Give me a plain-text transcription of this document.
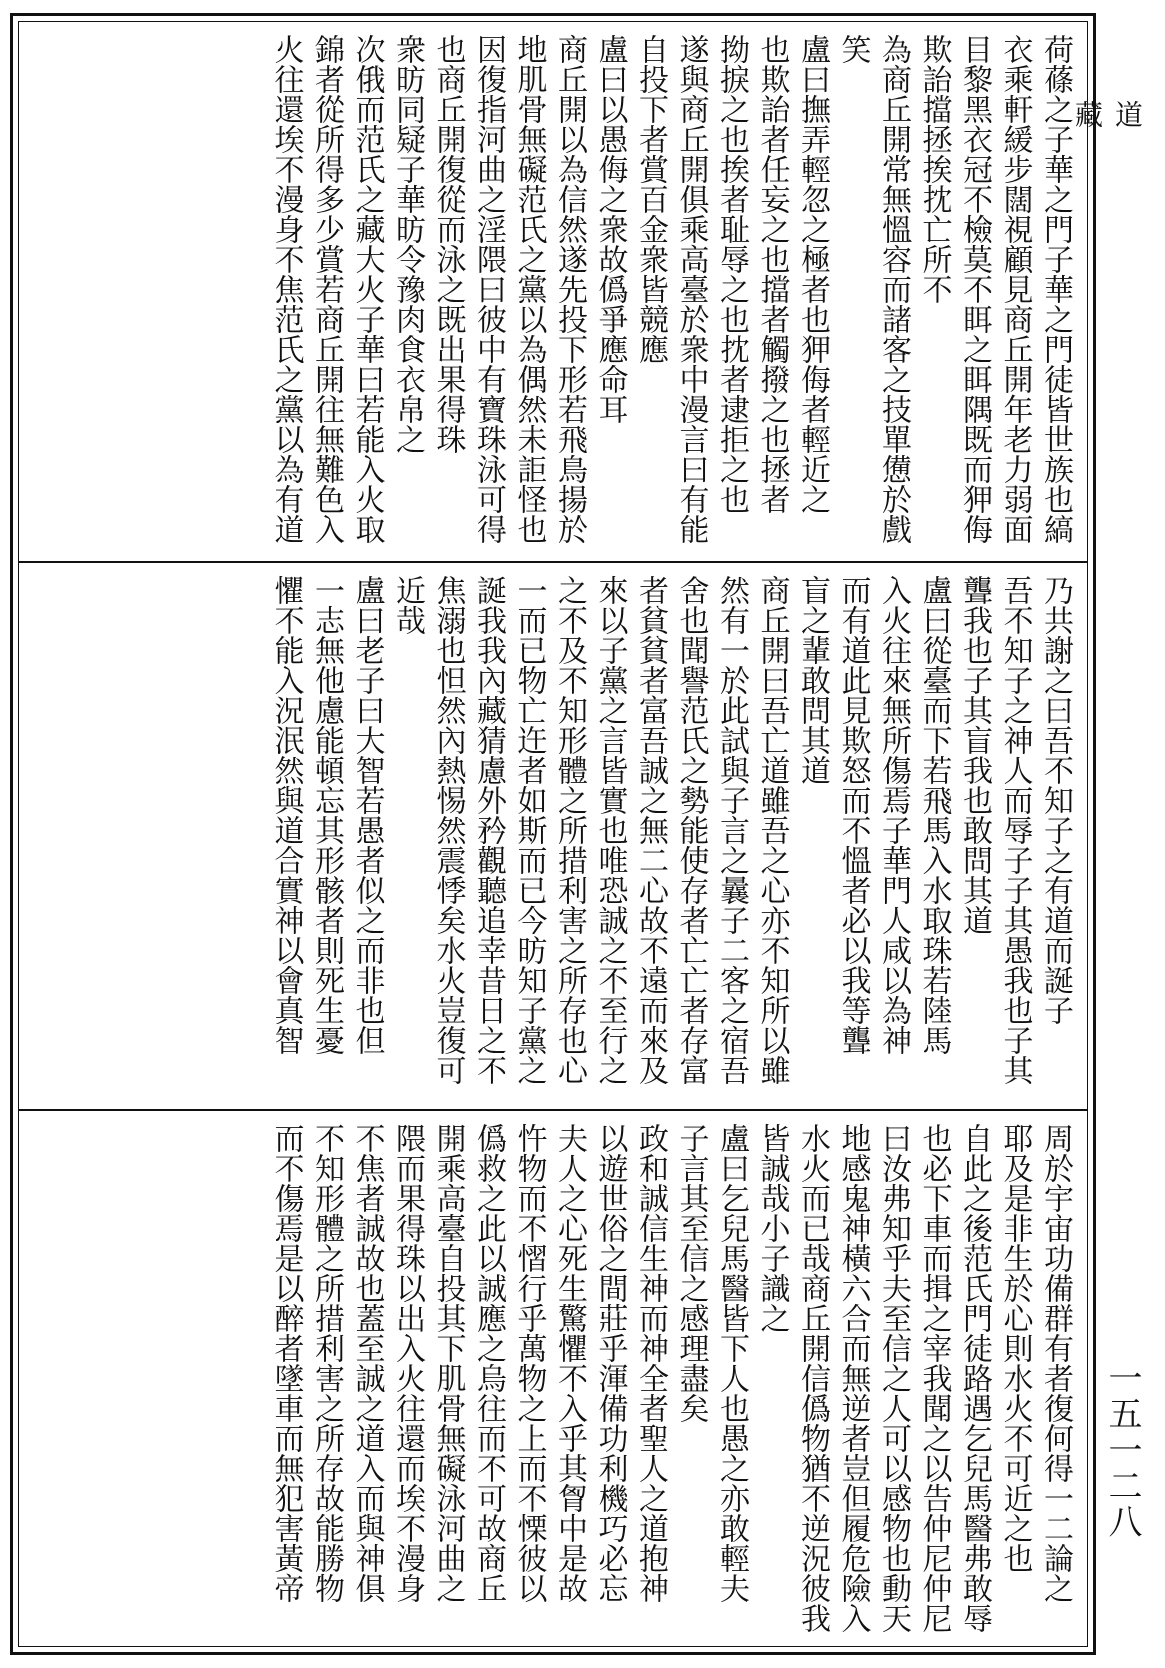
道藏
一五一二八
荷蓧之子華之門子華之門徒皆世族也縞
衣乘軒緩步闊視顧見商丘開年老力弱面
目黎黑衣冠不檢莫不眲之眲隅既而狎侮
欺詒擋拯挨抌亡所不
為商丘開常無慍容而諸客之技單憊於戲
笑
盧曰撫弄輕忽之極者也狎侮者輕近之
也欺詒者任妄之也擋者觸撥之也拯者
拗捩之也挨者耻辱之也抌者逮拒之也
遂與商丘開俱乘高臺於衆中漫言曰有能
自投下者賞百金衆皆競應
盧曰以愚侮之衆故僞爭應命耳
商丘開以為信然遂先投下形若飛鳥揚於
地肌骨無礙范氏之黨以為偶然未詎怪也
因復指河曲之淫隈曰彼中有寶珠泳可得
也商丘開復從而泳之既出果得珠
衆昉同疑子華昉令豫肉食衣帛之
次俄而范氏之藏大火子華曰若能入火取
錦者從所得多少賞若商丘開往無難色入
火往還埃不漫身不焦范氏之黨以為有道
乃共謝之曰吾不知子之有道而誕子
吾不知子之神人而辱子子其愚我也子其
聾我也子其盲我也敢問其道
盧曰從臺而下若飛馬入水取珠若陸馬
入火往來無所傷焉子華門人咸以為神
而有道此見欺怒而不慍者必以我等聾
盲之輩敢問其道
商丘開曰吾亡道雖吾之心亦不知所以雖
然有一於此試與子言之曩子二客之宿吾
舍也聞譽范氏之勢能使存者亡亡者存富
者貧貧者富吾誠之無二心故不遠而來及
來以子黨之言皆實也唯恐誠之不至行之
之不及不知形體之所措利害之所存也心
一而已物亡迕者如斯而已今昉知子黨之
誕我我內藏猜慮外矜觀聽追幸昔日之不
焦溺也怛然內熱惕然震悸矣水火豈復可
近哉
盧曰老子曰大智若愚者似之而非也但
一志無他慮能頓忘其形骸者則死生憂
懼不能入況泯然與道合實神以會真智
周於宇宙功備群有者復何得一二論之
耶及是非生於心則水火不可近之也
自此之後范氏門徒路遇乞兒馬醫弗敢辱
也必下車而揖之宰我聞之以告仲尼仲尼
曰汝弗知乎夫至信之人可以感物也動天
地感鬼神橫六合而無逆者豈但履危險入
水火而已哉商丘開信僞物猶不逆況彼我
皆誠哉小子識之
盧曰乞兒馬醫皆下人也愚之亦敢輕夫
子言其至信之感理盡矣
政和誠信生神而神全者聖人之道抱神
以遊世俗之間莊乎渾備功利機巧必忘
夫人之心死生驚懼不入乎其胷中是故
忤物而不慴行乎萬物之上而不慄彼以
僞救之此以誠應之烏往而不可故商丘
開乘高臺自投其下肌骨無礙泳河曲之
隈而果得珠以出入火往還而埃不漫身
不焦者誠故也蓋至誠之道入而與神俱
不知形體之所措利害之所存故能勝物
而不傷焉是以醉者墜車而無犯害黃帝
